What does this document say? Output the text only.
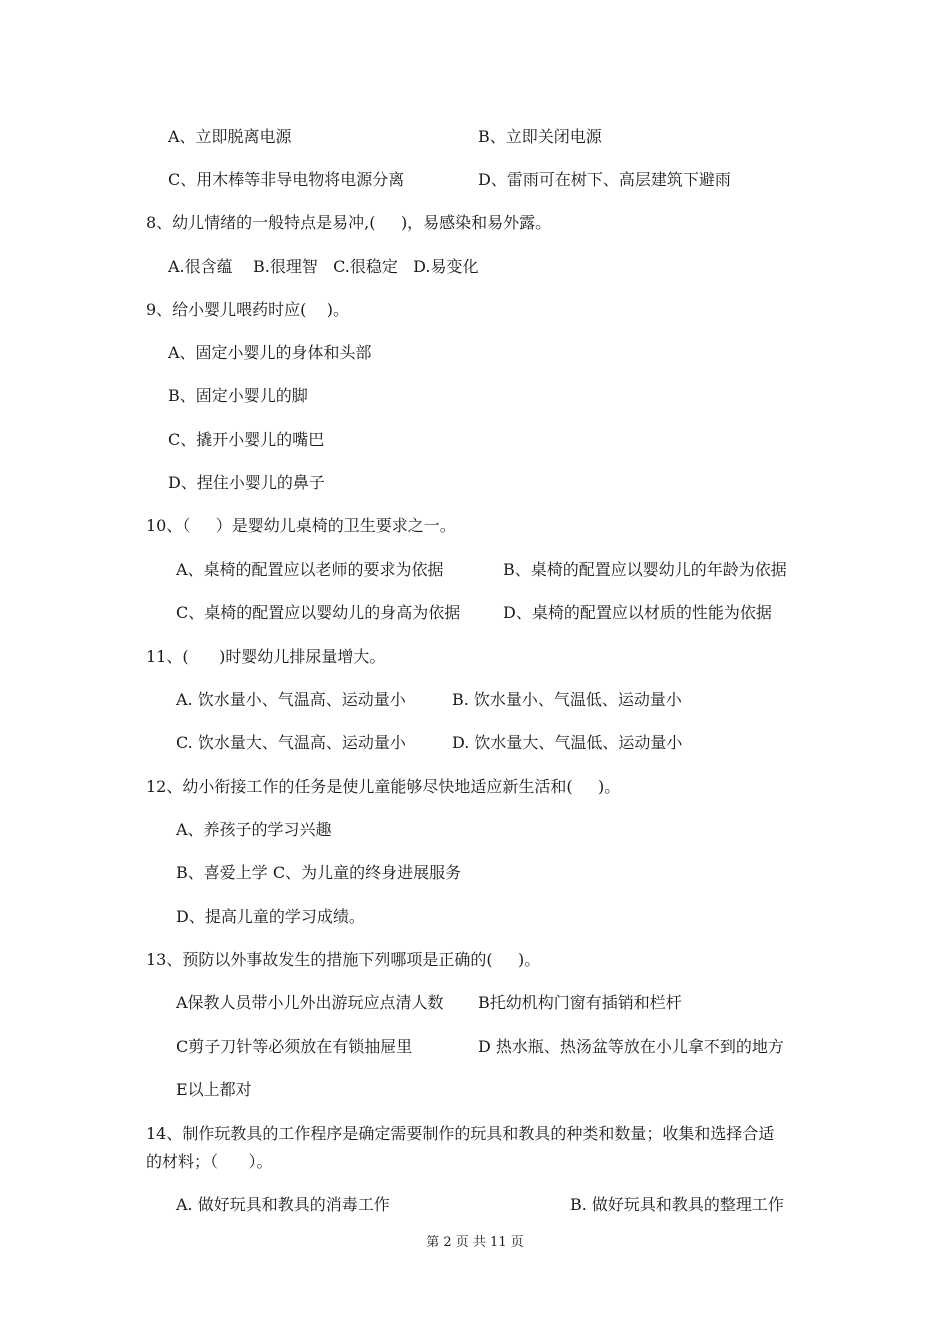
A、立即脱离电源	B、立即关闭电源
C、用木棒等非导电物将电源分离	D、雷雨可在树下、高层建筑下避雨
8、幼儿情绪的一般特点是易冲,(     )，易感染和易外露。
A.很含蕴    B.很理智   C.很稳定   D.易变化
9、给小婴儿喂药时应(    )。
A、固定小婴儿的身体和头部
B、固定小婴儿的脚
C、撬开小婴儿的嘴巴
D、捏住小婴儿的鼻子
10、（     ）是婴幼儿桌椅的卫生要求之一。
A、桌椅的配置应以老师的要求为依据	B、桌椅的配置应以婴幼儿的年龄为依据
C、桌椅的配置应以婴幼儿的身高为依据	D、桌椅的配置应以材质的性能为依据
11、(      )时婴幼儿排尿量增大。
A. 饮水量小、气温高、运动量小	B. 饮水量小、气温低、运动量小
C. 饮水量大、气温高、运动量小	D. 饮水量大、气温低、运动量小
12、幼小衔接工作的任务是使儿童能够尽快地适应新生活和(     )。
A、养孩子的学习兴趣
B、喜爱上学 C、为儿童的终身进展服务
D、提高儿童的学习成绩。
13、预防以外事故发生的措施下列哪项是正确的(     )。
A保教人员带小儿外出游玩应点清人数 B托幼机构门窗有插销和栏杆
C剪子刀针等必须放在有锁抽屉里	D 热水瓶、热汤盆等放在小儿拿不到的地方
E以上都对
14、制作玩教具的工作程序是确定需要制作的玩具和教具的种类和数量；收集和选择合适
的材料；（      ）。
A. 做好玩具和教具的消毒工作	B. 做好玩具和教具的整理工作
第 2 页 共 11 页
